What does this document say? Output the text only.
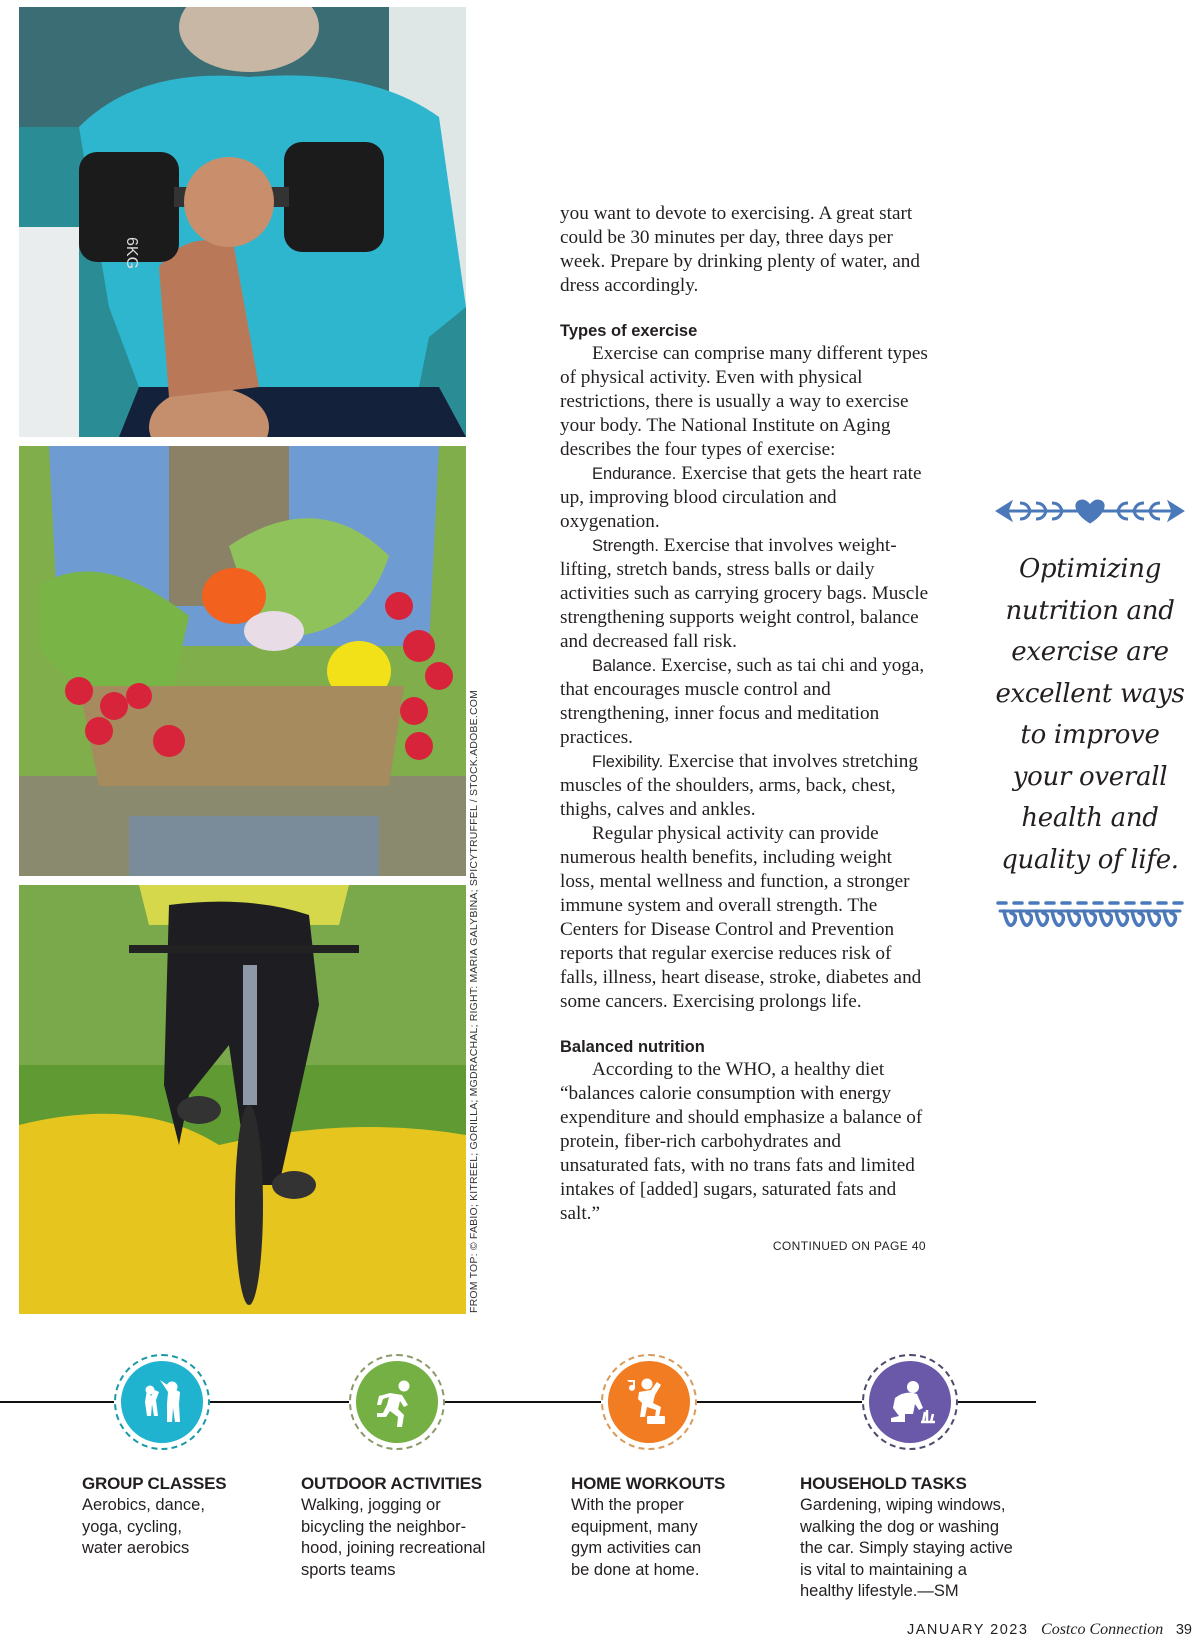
6KG
FROM TOP: © FABIO; KITREEL; GORILLA; MGDRACHAL; RIGHT: MARIA GALYBINA; SPICYTRUFFEL / STOCK.ADOBE.COM

you want to devote to exercising. A great start could be 30 minutes per day, three days per week. Prepare by drinking plenty of water, and dress accordingly.

Types of exercise

Exercise can comprise many different types of physical activity. Even with physical restrictions, there is usually a way to exercise your body. The National Institute on Aging describes the four types of exercise:

Endurance. Exercise that gets the heart rate up, improving blood circulation and oxygenation.

Strength. Exercise that involves weight-lifting, stretch bands, stress balls or daily activities such as carrying grocery bags. Muscle strengthening supports weight control, balance and decreased fall risk.

Balance. Exercise, such as tai chi and yoga, that encourages muscle control and strengthening, inner focus and meditation practices.

Flexibility. Exercise that involves stretching muscles of the shoulders, arms, back, chest, thighs, calves and ankles.

Regular physical activity can provide numerous health benefits, including weight loss, mental wellness and function, a stronger immune system and overall strength. The Centers for Disease Control and Prevention reports that regular exercise reduces risk of falls, illness, heart disease, stroke, diabetes and some cancers. Exercising prolongs life.

Balanced nutrition

According to the WHO, a healthy diet “balances calorie consumption with energy expenditure and should emphasize a balance of protein, fiber-rich carbohydrates and unsaturated fats, with no trans fats and limited intakes of [added] sugars, saturated fats and salt.”

CONTINUED ON PAGE 40
Optimizing
nutrition and
exercise are
excellent ways
to improve
your overall
health and
quality of life.
GROUP CLASSES
Aerobics, dance,
yoga, cycling,
water aerobics
OUTDOOR ACTIVITIES
Walking, jogging or
bicycling the neighbor-
hood, joining recreational
sports teams
HOME WORKOUTS
With the proper
equipment, many
gym activities can
be done at home.
HOUSEHOLD TASKS
Gardening, wiping windows,
walking the dog or washing
the car. Simply staying active
is vital to maintaining a
healthy lifestyle.—SM
JANUARY 2023 Costco Connection 39
